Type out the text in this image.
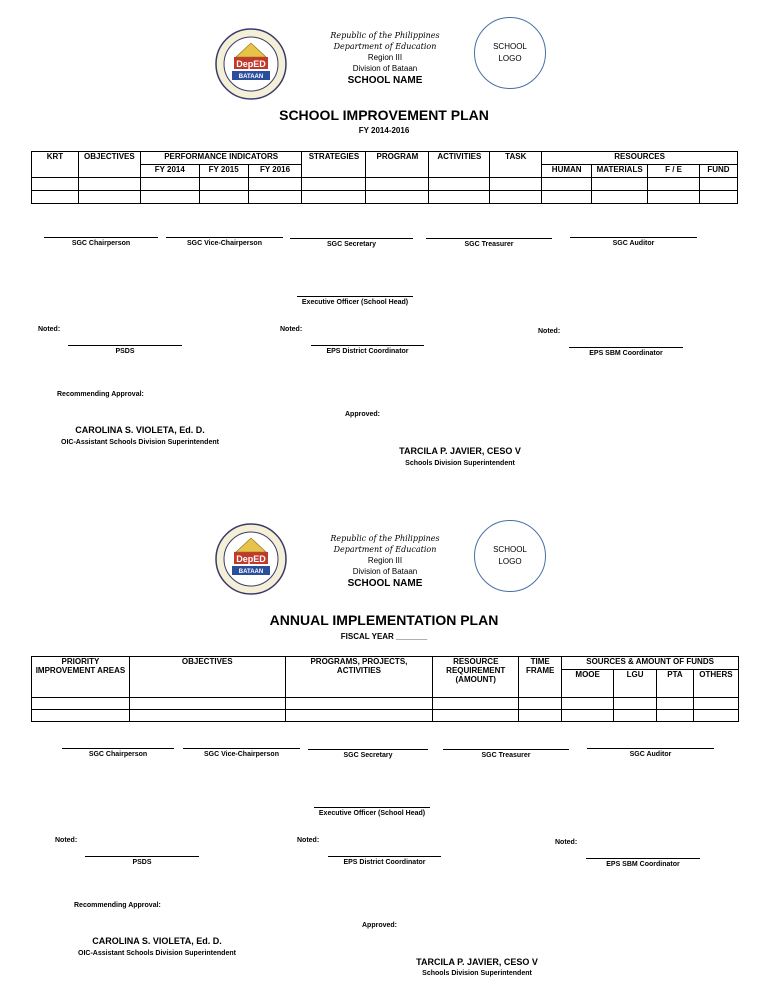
DepED
BATAAN
Republic of the Philippines
Department of Education
Region III
Division of Bataan
SCHOOL NAME
SCHOOL
LOGO
SCHOOL IMPROVEMENT PLAN
FY 2014-2016
KRT	OBJECTIVES	PERFORMANCE INDICATORS			STRATEGIES	PROGRAM	ACTIVITIES	TASK	RESOURCES			
		FY 2014	FY 2015	FY 2016					HUMAN	MATERIALS	F / E	FUND

SGC Chairperson	SGC Vice-Chairperson	SGC Secretary	SGC Treasurer	SGC Auditor
Executive Officer (School Head)
Noted:	Noted:	Noted:
PSDS	EPS District Coordinator	EPS SBM Coordinator
Recommending Approval:
Approved:
CAROLINA S. VIOLETA, Ed. D.
OIC-Assistant Schools Division Superintendent
TARCILA P. JAVIER, CESO V
Schools Division Superintendent
DepED
BATAAN
Republic of the Philippines
Department of Education
Region III
Division of Bataan
SCHOOL NAME
SCHOOL
LOGO
ANNUAL IMPLEMENTATION PLAN
FISCAL YEAR _______
PRIORITY IMPROVEMENT AREAS	OBJECTIVES	PROGRAMS, PROJECTS, ACTIVITIES	RESOURCE REQUIREMENT (AMOUNT)	TIME FRAME	SOURCES & AMOUNT OF FUNDS			
					MOOE	LGU	PTA	OTHERS

SGC Chairperson	SGC Vice-Chairperson	SGC Secretary	SGC Treasurer	SGC Auditor
Executive Officer (School Head)
Noted:	Noted:	Noted:
PSDS	EPS District Coordinator	EPS SBM Coordinator
Recommending Approval:
Approved:
CAROLINA S. VIOLETA, Ed. D.
OIC-Assistant Schools Division Superintendent
TARCILA P. JAVIER, CESO V
Schools Division Superintendent
